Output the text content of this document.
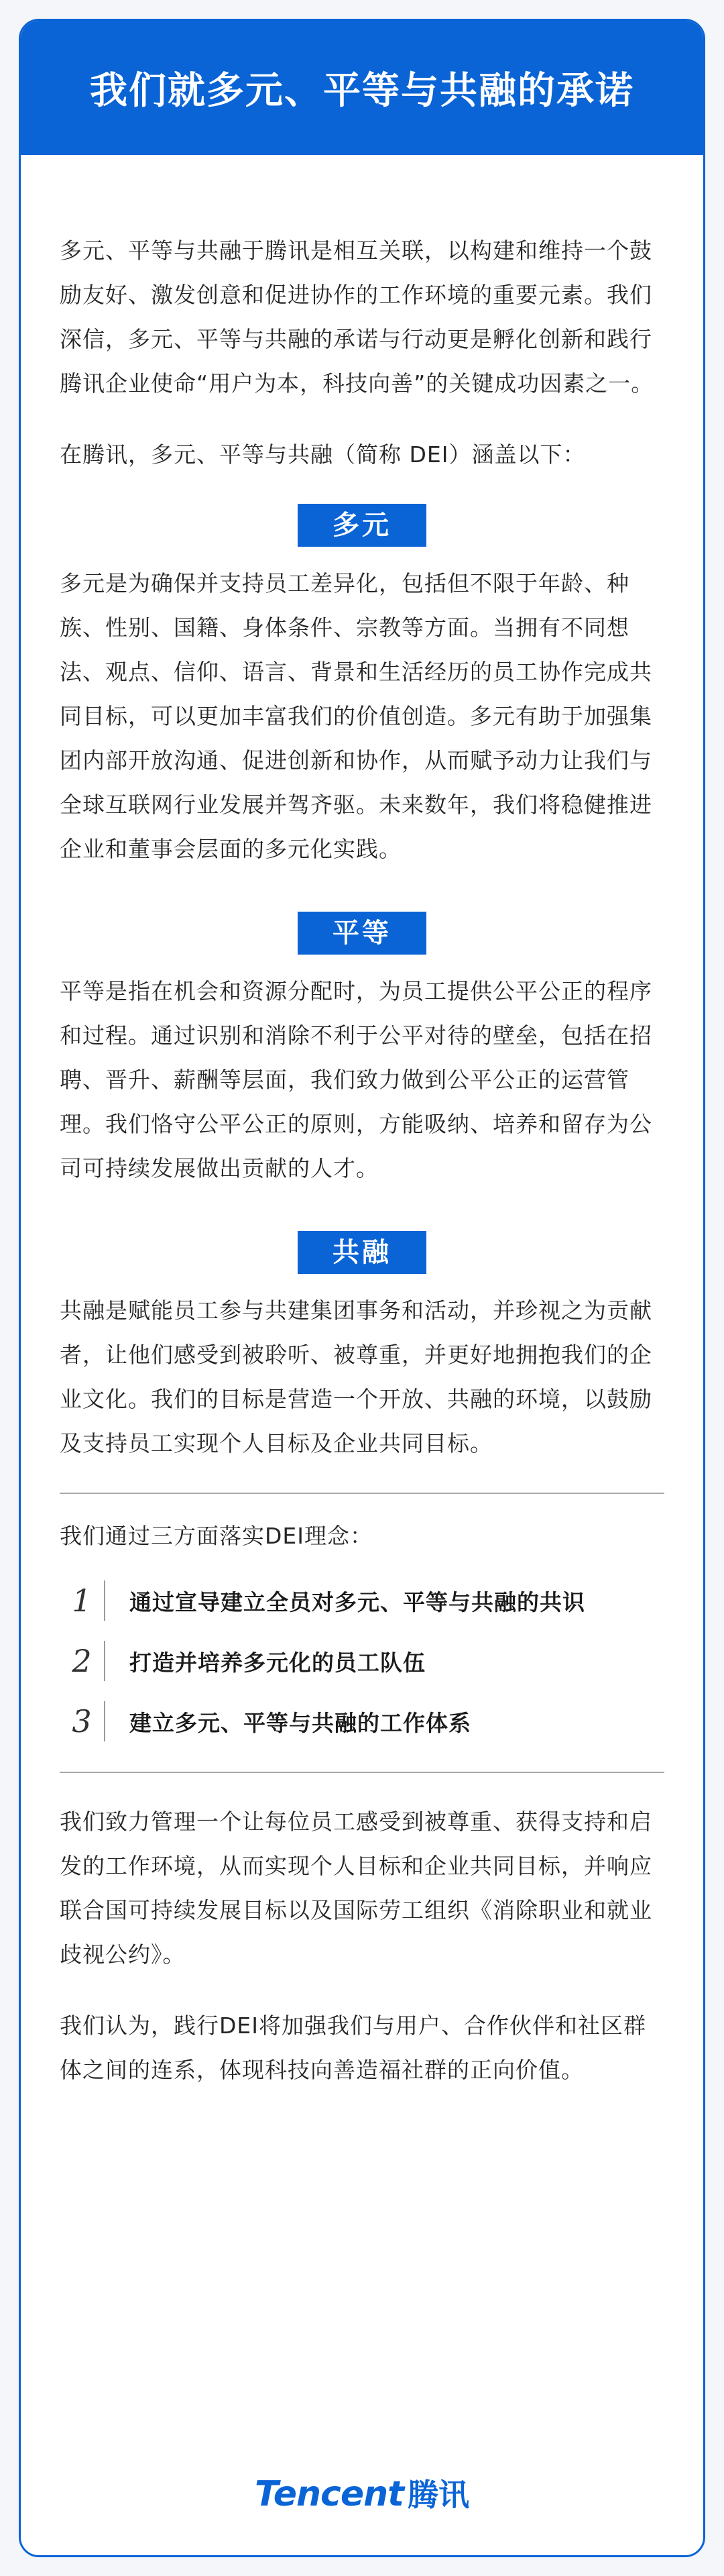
我们就多元、平等与共融的承诺

多元、平等与共融于腾讯是相互关联，以构建和维持一个鼓励友好、激发创意和促进协作的工作环境的重要元素。我们深信，多元、平等与共融的承诺与行动更是孵化创新和践行腾讯企业使命“用户为本，科技向善”的关键成功因素之一。

在腾讯，多元、平等与共融（简称 DEI）涵盖以下：

多元

多元是为确保并支持员工差异化，包括但不限于年龄、种族、性别、国籍、身体条件、宗教等方面。当拥有不同想法、观点、信仰、语言、背景和生活经历的员工协作完成共同目标，可以更加丰富我们的价值创造。多元有助于加强集团内部开放沟通、促进创新和协作，从而赋予动力让我们与全球互联网行业发展并驾齐驱。未来数年，我们将稳健推进企业和董事会层面的多元化实践。

平等

平等是指在机会和资源分配时，为员工提供公平公正的程序和过程。通过识别和消除不利于公平对待的壁垒，包括在招聘、晋升、薪酬等层面，我们致力做到公平公正的运营管理。我们恪守公平公正的原则，方能吸纳、培养和留存为公司可持续发展做出贡献的人才。

共融

共融是赋能员工参与共建集团事务和活动，并珍视之为贡献者，让他们感受到被聆听、被尊重，并更好地拥抱我们的企业文化。我们的目标是营造一个开放、共融的环境，以鼓励及支持员工实现个人目标及企业共同目标。

我们通过三方面落实DEI理念：

1	通过宣导建立全员对多元、平等与共融的共识
2	打造并培养多元化的员工队伍
3	建立多元、平等与共融的工作体系

我们致力管理一个让每位员工感受到被尊重、获得支持和启发的工作环境，从而实现个人目标和企业共同目标，并响应联合国可持续发展目标以及国际劳工组织《消除职业和就业歧视公约》。

我们认为，践行DEI将加强我们与用户、合作伙伴和社区群体之间的连系，体现科技向善造福社群的正向价值。

Tencent 腾讯
